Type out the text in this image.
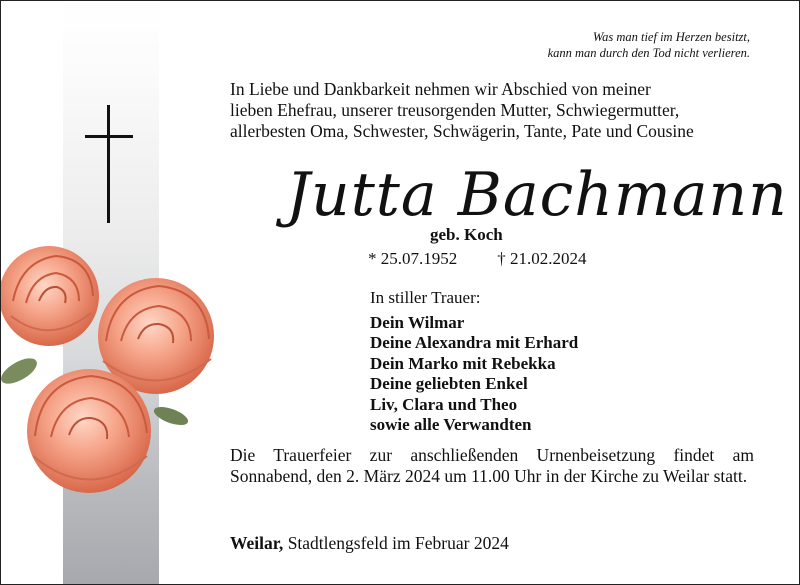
Was man tief im Herzen besitzt,
kann man durch den Tod nicht verlieren.
In Liebe und Dankbarkeit nehmen wir Abschied von meiner
lieben Ehefrau, unserer treusorgenden Mutter, Schwiegermutter,
allerbesten Oma, Schwester, Schwägerin, Tante, Pate und Cousine
Jutta Bachmann
geb. Koch
* 25.07.1952 † 21.02.2024
In stiller Trauer:
Dein Wilmar
Deine Alexandra mit Erhard
Dein Marko mit Rebekka
Deine geliebten Enkel
Liv, Clara und Theo
sowie alle Verwandten
Die Trauerfeier zur anschließenden Urnenbeisetzung findet am Sonnabend, den 2. März 2024 um 11.00 Uhr in der Kirche zu Weilar statt.
Weilar, Stadtlengsfeld im Februar 2024
